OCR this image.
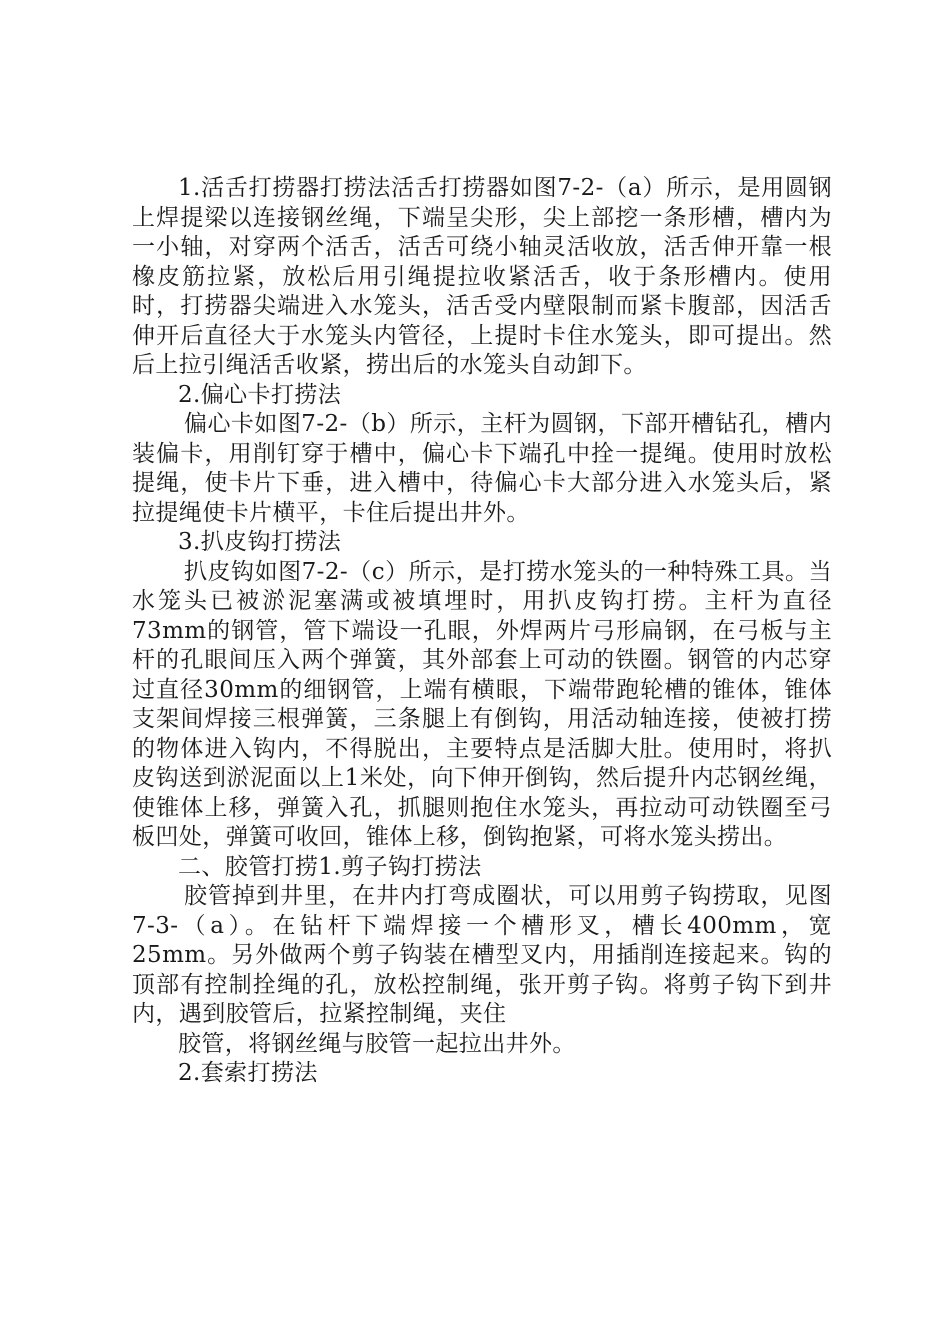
1.活舌打捞器打捞法活舌打捞器如图7-2-（a）所示，是用圆钢上焊提梁以连接钢丝绳，下端呈尖形，尖上部挖一条形槽，槽内为一小轴，对穿两个活舌，活舌可绕小轴灵活收放，活舌伸开靠一根橡皮筋拉紧，放松后用引绳提拉收紧活舌，收于条形槽内。使用时，打捞器尖端进入水笼头，活舌受内壁限制而紧卡腹部，因活舌伸开后直径大于水笼头内管径，上提时卡住水笼头，即可提出。然后上拉引绳活舌收紧，捞出后的水笼头自动卸下。

2.偏心卡打捞法

偏心卡如图7-2-（b）所示，主杆为圆钢，下部开槽钻孔，槽内装偏卡，用削钉穿于槽中，偏心卡下端孔中拴一提绳。使用时放松提绳，使卡片下垂，进入槽中，待偏心卡大部分进入水笼头后，紧拉提绳使卡片横平，卡住后提出井外。

3.扒皮钩打捞法

扒皮钩如图7-2-（c）所示，是打捞水笼头的一种特殊工具。当水笼头已被淤泥塞满或被填埋时，用扒皮钩打捞。主杆为直径73mm的钢管，管下端设一孔眼，外焊两片弓形扁钢，在弓板与主杆的孔眼间压入两个弹簧，其外部套上可动的铁圈。钢管的内芯穿过直径30mm的细钢管，上端有横眼，下端带跑轮槽的锥体，锥体支架间焊接三根弹簧，三条腿上有倒钩，用活动轴连接，使被打捞的物体进入钩内，不得脱出，主要特点是活脚大肚。使用时，将扒皮钩送到淤泥面以上1米处，向下伸开倒钩，然后提升内芯钢丝绳，使锥体上移，弹簧入孔，抓腿则抱住水笼头，再拉动可动铁圈至弓板凹处，弹簧可收回，锥体上移，倒钩抱紧，可将水笼头捞出。

二、胶管打捞1.剪子钩打捞法

胶管掉到井里，在井内打弯成圈状，可以用剪子钩捞取，见图7-3-（a）。在钻杆下端焊接一个槽形叉，槽长400mm，宽25mm。另外做两个剪子钩装在槽型叉内，用插削连接起来。钩的顶部有控制拴绳的孔，放松控制绳，张开剪子钩。将剪子钩下到井内，遇到胶管后，拉紧控制绳，夹住

胶管，将钢丝绳与胶管一起拉出井外。

2.套索打捞法
